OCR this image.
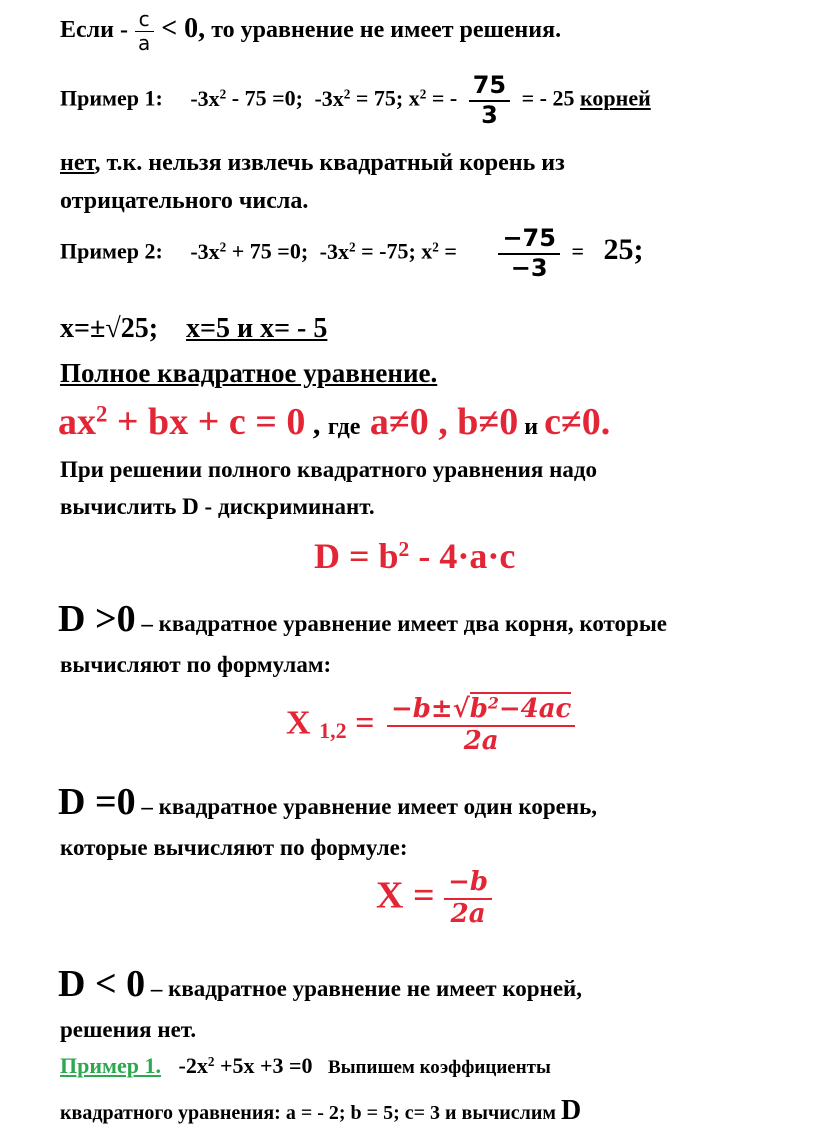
Если - $\frac{c}{a} < 0$, то уравнение не имеет решения.
Пример 1: $-3x^2 - 75 =0$; $-3x^2 = 75$; $x^2$ = - $\frac{75}{3}$ = - 25 корней
нет, т.к. нельзя извлечь квадратный корень из
отрицательного числа.
Пример 2: $-3x^2 + 75 =0$; $-3x^2 = -75$; $x^2 = \frac{-75}{-3} = 25$;
x=±√25; x=5 и x= - 5
Полное квадратное уравнение.
$ax^2$ + bx + c = 0 , где a≠0 , b≠0 и c≠0.
При решении полного квадратного уравнения надо
вычислить D - дискриминант.
$D = b^2 - 4\cdot a\cdot c$
D >0 – квадратное уравнение имеет два корня, которые
вычисляют по формулам:
X $_{1,2} = \frac{-b\pm√b^2-4ac}{2a}$
D =0 – квадратное уравнение имеет один корень,
которые вычисляют по формуле:
$X = \frac{-b}{2a}$
D < 0 – квадратное уравнение не имеет корней,
решения нет.
Пример 1. $-2x^2 +5x +3 =0$ Выпишем коэффициенты
квадратного уравнения: a = - 2; b = 5; c= 3 и вычислим D
